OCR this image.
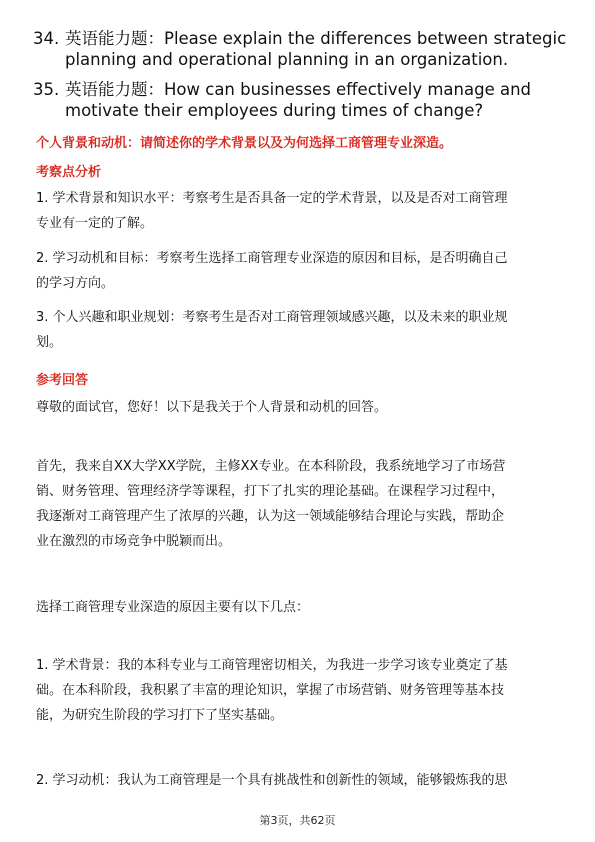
34. 英语能力题：Please explain the differences between strategic
planning and operational planning in an organization.
35. 英语能力题：How can businesses effectively manage and
motivate their employees during times of change?
个人背景和动机：请简述你的学术背景以及为何选择工商管理专业深造。
考察点分析
1. 学术背景和知识水平：考察考生是否具备一定的学术背景，以及是否对工商管理
专业有一定的了解。
2. 学习动机和目标：考察考生选择工商管理专业深造的原因和目标，是否明确自己
的学习方向。
3. 个人兴趣和职业规划：考察考生是否对工商管理领域感兴趣，以及未来的职业规
划。
参考回答
尊敬的面试官，您好！以下是我关于个人背景和动机的回答。
首先，我来自XX大学XX学院，主修XX专业。在本科阶段，我系统地学习了市场营
销、财务管理、管理经济学等课程，打下了扎实的理论基础。在课程学习过程中，
我逐渐对工商管理产生了浓厚的兴趣，认为这一领域能够结合理论与实践，帮助企
业在激烈的市场竞争中脱颖而出。
选择工商管理专业深造的原因主要有以下几点：
1. 学术背景：我的本科专业与工商管理密切相关，为我进一步学习该专业奠定了基
础。在本科阶段，我积累了丰富的理论知识，掌握了市场营销、财务管理等基本技
能，为研究生阶段的学习打下了坚实基础。
2. 学习动机：我认为工商管理是一个具有挑战性和创新性的领域，能够锻炼我的思
第3页，共62页
